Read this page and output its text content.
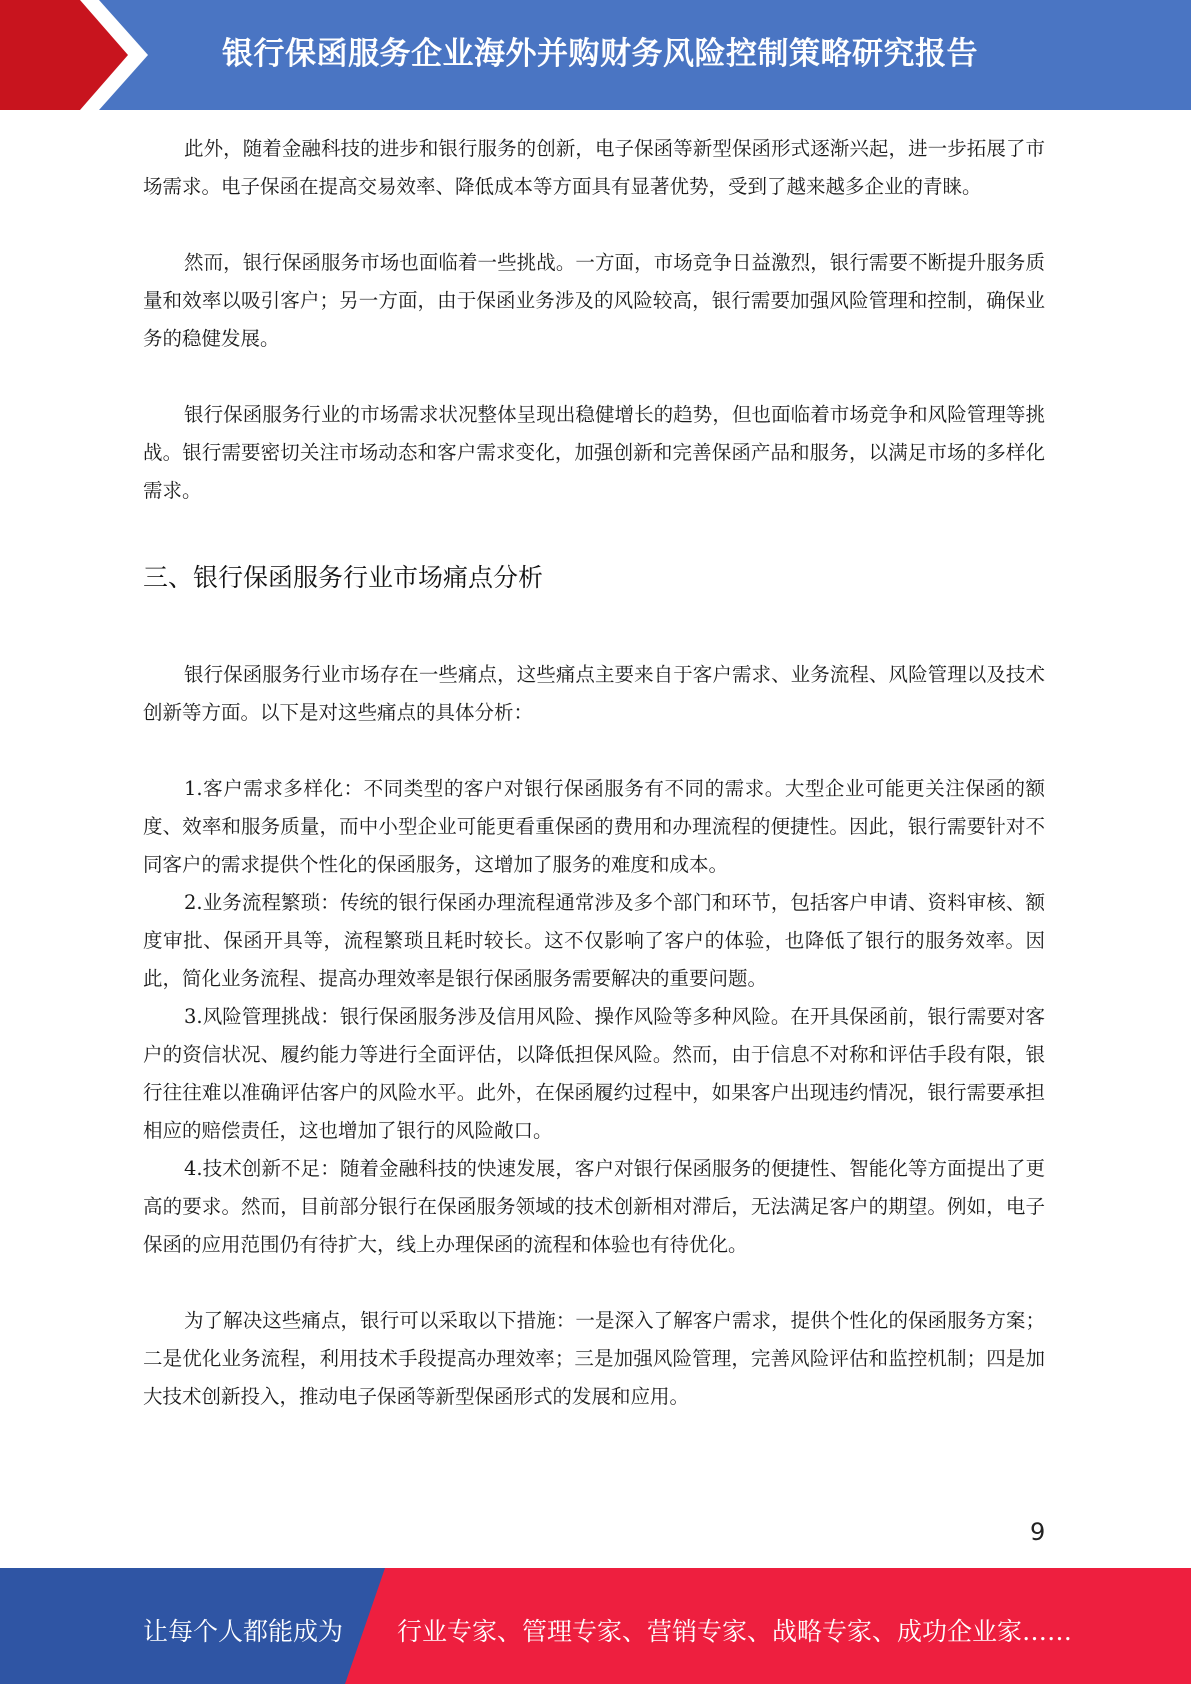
银行保函服务企业海外并购财务风险控制策略研究报告

此外，随着金融科技的进步和银行服务的创新，电子保函等新型保函形式逐渐兴起，进一步拓展了市场需求。电子保函在提高交易效率、降低成本等方面具有显著优势，受到了越来越多企业的青睐。

然而，银行保函服务市场也面临着一些挑战。一方面，市场竞争日益激烈，银行需要不断提升服务质量和效率以吸引客户；另一方面，由于保函业务涉及的风险较高，银行需要加强风险管理和控制，确保业务的稳健发展。

银行保函服务行业的市场需求状况整体呈现出稳健增长的趋势，但也面临着市场竞争和风险管理等挑战。银行需要密切关注市场动态和客户需求变化，加强创新和完善保函产品和服务，以满足市场的多样化需求。

三、银行保函服务行业市场痛点分析

银行保函服务行业市场存在一些痛点，这些痛点主要来自于客户需求、业务流程、风险管理以及技术创新等方面。以下是对这些痛点的具体分析：

1.客户需求多样化：不同类型的客户对银行保函服务有不同的需求。大型企业可能更关注保函的额度、效率和服务质量，而中小型企业可能更看重保函的费用和办理流程的便捷性。因此，银行需要针对不同客户的需求提供个性化的保函服务，这增加了服务的难度和成本。

2.业务流程繁琐：传统的银行保函办理流程通常涉及多个部门和环节，包括客户申请、资料审核、额度审批、保函开具等，流程繁琐且耗时较长。这不仅影响了客户的体验，也降低了银行的服务效率。因此，简化业务流程、提高办理效率是银行保函服务需要解决的重要问题。

3.风险管理挑战：银行保函服务涉及信用风险、操作风险等多种风险。在开具保函前，银行需要对客户的资信状况、履约能力等进行全面评估，以降低担保风险。然而，由于信息不对称和评估手段有限，银行往往难以准确评估客户的风险水平。此外，在保函履约过程中，如果客户出现违约情况，银行需要承担相应的赔偿责任，这也增加了银行的风险敞口。

4.技术创新不足：随着金融科技的快速发展，客户对银行保函服务的便捷性、智能化等方面提出了更高的要求。然而，目前部分银行在保函服务领域的技术创新相对滞后，无法满足客户的期望。例如，电子保函的应用范围仍有待扩大，线上办理保函的流程和体验也有待优化。

为了解决这些痛点，银行可以采取以下措施：一是深入了解客户需求，提供个性化的保函服务方案；二是优化业务流程，利用技术手段提高办理效率；三是加强风险管理，完善风险评估和监控机制；四是加大技术创新投入，推动电子保函等新型保函形式的发展和应用。

9
让每个人都能成为 行业专家、管理专家、营销专家、战略专家、成功企业家……
